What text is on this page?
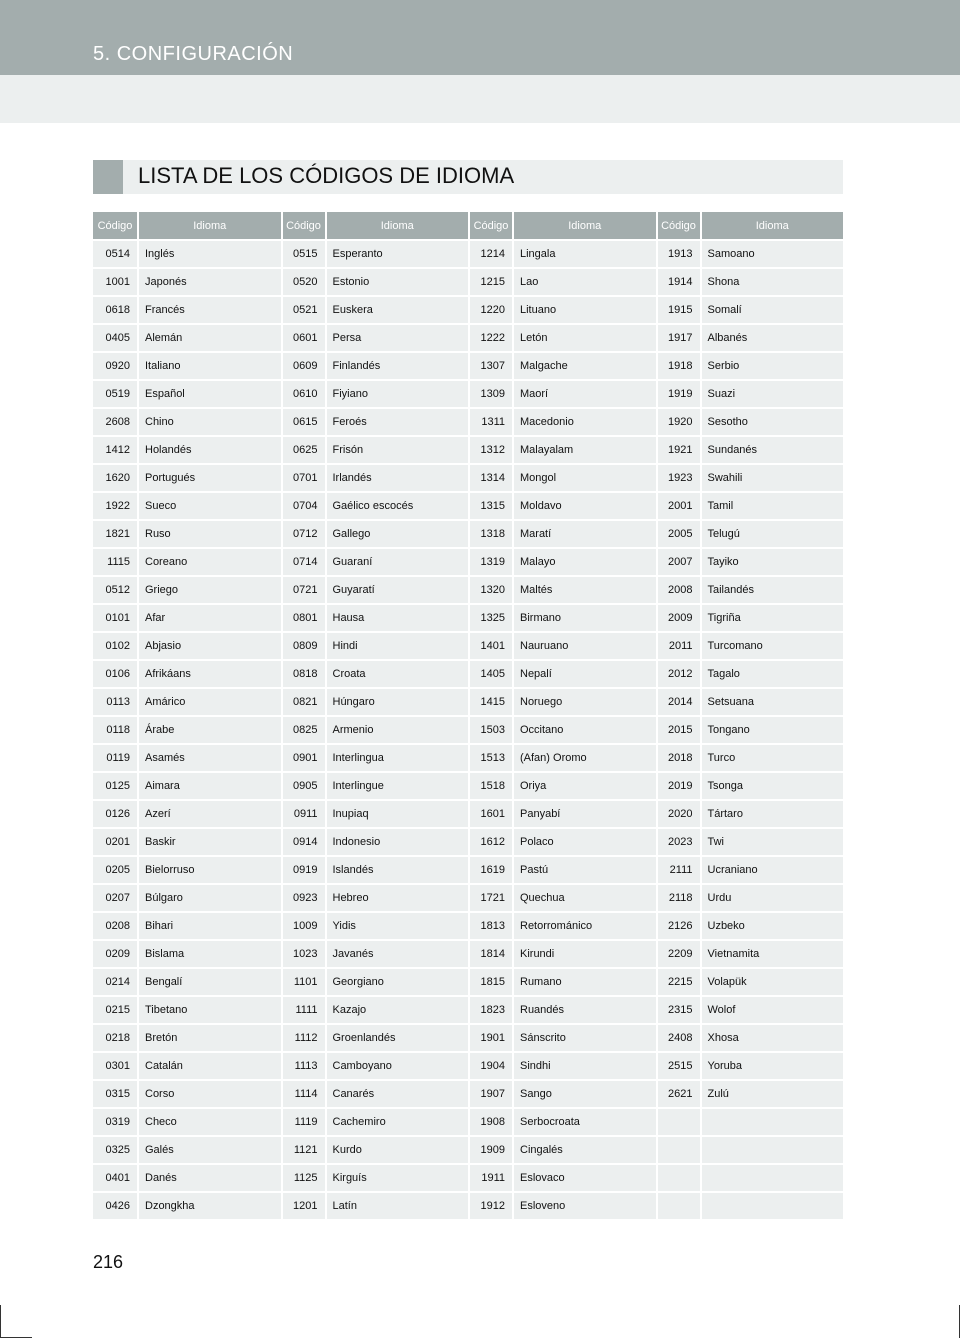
5. CONFIGURACIÓN
LISTA DE LOS CÓDIGOS DE IDIOMA
Código	Idioma	Código	Idioma	Código	Idioma	Código	Idioma
0514	Inglés	0515	Esperanto	1214	Lingala	1913	Samoano
1001	Japonés	0520	Estonio	1215	Lao	1914	Shona
0618	Francés	0521	Euskera	1220	Lituano	1915	Somalí
0405	Alemán	0601	Persa	1222	Letón	1917	Albanés
0920	Italiano	0609	Finlandés	1307	Malgache	1918	Serbio
0519	Español	0610	Fiyiano	1309	Maorí	1919	Suazi
2608	Chino	0615	Feroés	1311	Macedonio	1920	Sesotho
1412	Holandés	0625	Frisón	1312	Malayalam	1921	Sundanés
1620	Portugués	0701	Irlandés	1314	Mongol	1923	Swahili
1922	Sueco	0704	Gaélico escocés	1315	Moldavo	2001	Tamil
1821	Ruso	0712	Gallego	1318	Maratí	2005	Telugú
1115	Coreano	0714	Guaraní	1319	Malayo	2007	Tayiko
0512	Griego	0721	Guyaratí	1320	Maltés	2008	Tailandés
0101	Afar	0801	Hausa	1325	Birmano	2009	Tigriña
0102	Abjasio	0809	Hindi	1401	Nauruano	2011	Turcomano
0106	Afrikáans	0818	Croata	1405	Nepalí	2012	Tagalo
0113	Amárico	0821	Húngaro	1415	Noruego	2014	Setsuana
0118	Árabe	0825	Armenio	1503	Occitano	2015	Tongano
0119	Asamés	0901	Interlingua	1513	(Afan) Oromo	2018	Turco
0125	Aimara	0905	Interlingue	1518	Oriya	2019	Tsonga
0126	Azerí	0911	Inupiaq	1601	Panyabí	2020	Tártaro
0201	Baskir	0914	Indonesio	1612	Polaco	2023	Twi
0205	Bielorruso	0919	Islandés	1619	Pastú	2111	Ucraniano
0207	Búlgaro	0923	Hebreo	1721	Quechua	2118	Urdu
0208	Bihari	1009	Yidis	1813	Retorrománico	2126	Uzbeko
0209	Bislama	1023	Javanés	1814	Kirundi	2209	Vietnamita
0214	Bengalí	1101	Georgiano	1815	Rumano	2215	Volapük
0215	Tibetano	1111	Kazajo	1823	Ruandés	2315	Wolof
0218	Bretón	1112	Groenlandés	1901	Sánscrito	2408	Xhosa
0301	Catalán	1113	Camboyano	1904	Sindhi	2515	Yoruba
0315	Corso	1114	Canarés	1907	Sango	2621	Zulú
0319	Checo	1119	Cachemiro	1908	Serbocroata		
0325	Galés	1121	Kurdo	1909	Cingalés		
0401	Danés	1125	Kirguís	1911	Eslovaco		
0426	Dzongkha	1201	Latín	1912	Esloveno		

216
